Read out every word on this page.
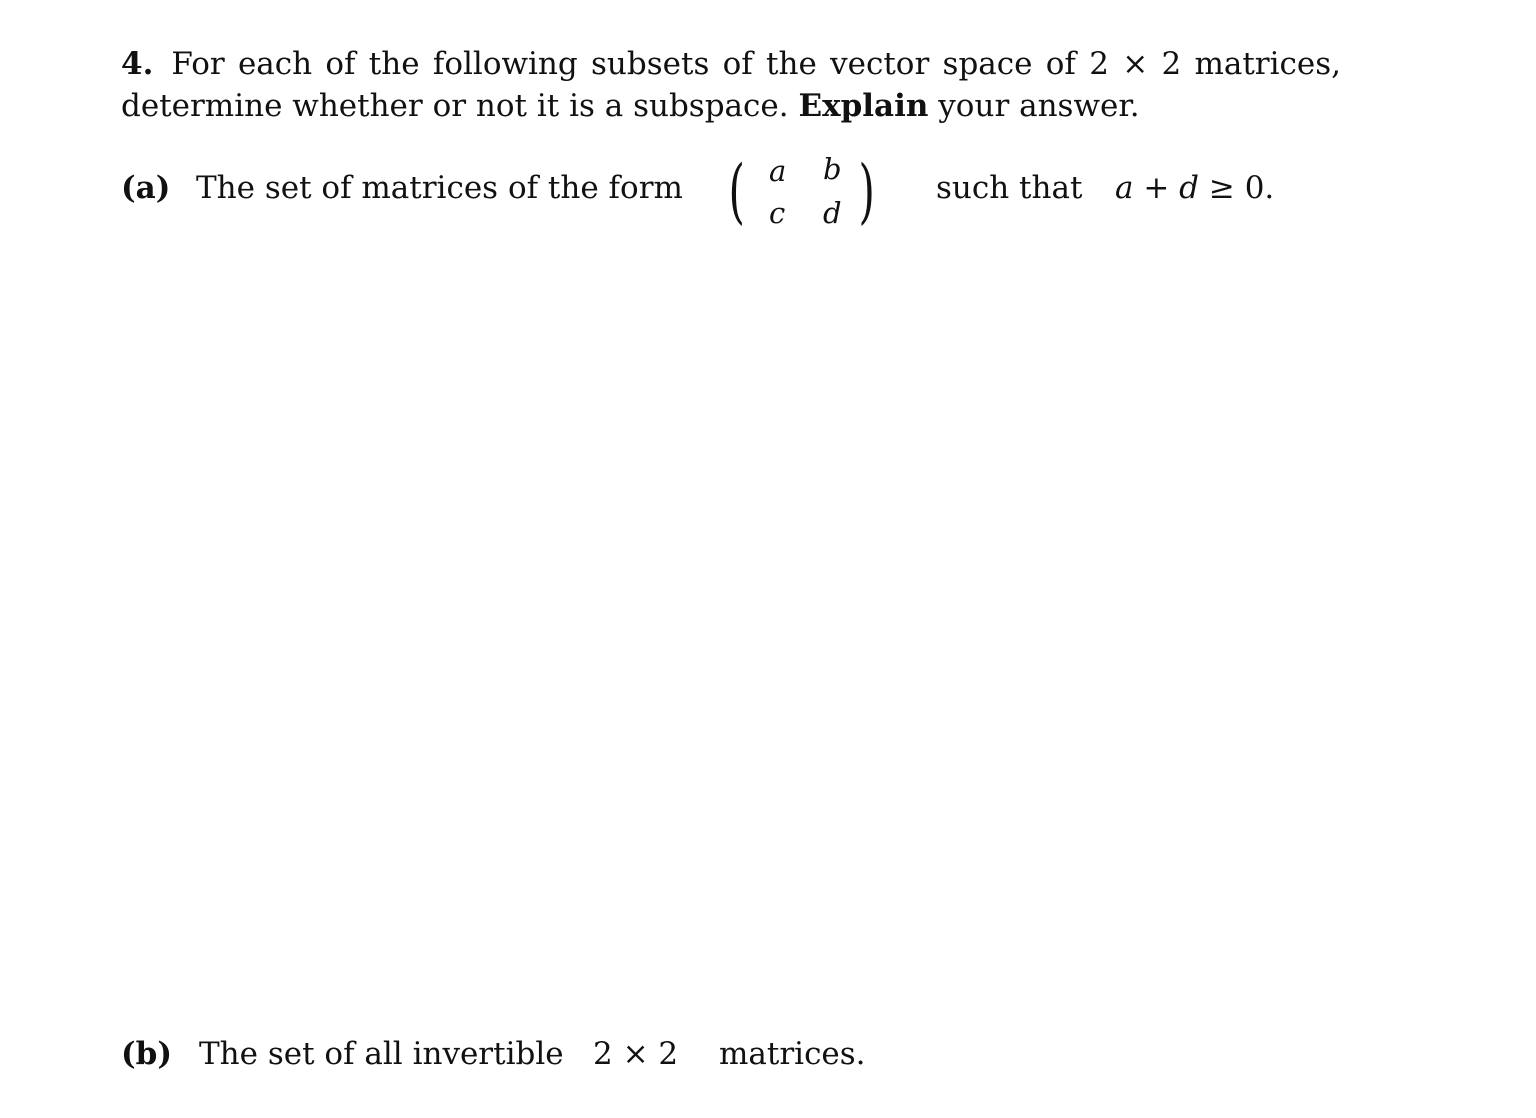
4. For each of the following subsets of the vector space of 2 × 2 matrices, determine whether or not it is a subspace. Explain your answer.
(a) The set of matrices of the form ( a b
c d ) such that a + d ≥ 0.
(b) The set of all invertible 2 × 2 matrices.
